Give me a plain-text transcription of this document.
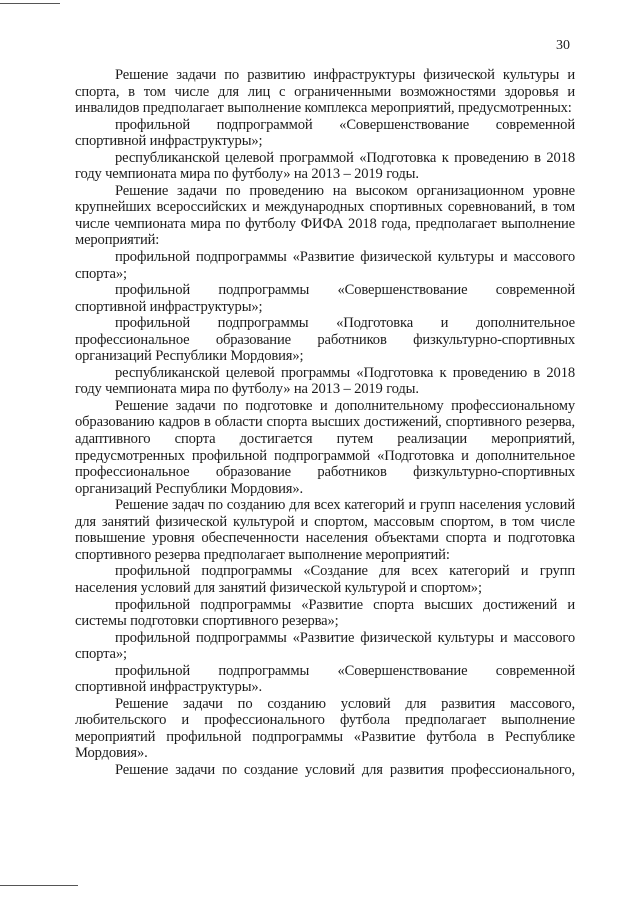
30

Решение задачи по развитию инфраструктуры физической культуры и спорта, в том числе для лиц с ограниченными возможностями здоровья и инвалидов предполагает выполнение комплекса мероприятий, предусмотренных:

профильной подпрограммой «Совершенствование современной спортивной инфраструктуры»;

республиканской целевой программой «Подготовка к проведению в 2018 году чемпионата мира по футболу» на 2013 – 2019 годы.

Решение задачи по проведению на высоком организационном уровне крупнейших всероссийских и международных спортивных соревнований, в том числе чемпионата мира по футболу ФИФА 2018 года, предполагает выполнение мероприятий:

профильной подпрограммы «Развитие физической культуры и массового спорта»;

профильной подпрограммы «Совершенствование современной спортивной инфраструктуры»;

профильной подпрограммы «Подготовка и дополнительное профессиональное образование работников физкультурно-спортивных организаций Республики Мордовия»;

республиканской целевой программы «Подготовка к проведению в 2018 году чемпионата мира по футболу» на 2013 – 2019 годы.

Решение задачи по подготовке и дополнительному профессиональному образованию кадров в области спорта высших достижений, спортивного резерва, адаптивного спорта достигается путем реализации мероприятий, предусмотренных профильной подпрограммой «Подготовка и дополнительное профессиональное образование работников физкультурно-спортивных организаций Республики Мордовия».

Решение задач по созданию для всех категорий и групп населения условий для занятий физической культурой и спортом, массовым спортом, в том числе повышение уровня обеспеченности населения объектами спорта и подготовка спортивного резерва предполагает выполнение мероприятий:

профильной подпрограммы «Создание для всех категорий и групп населения условий для занятий физической культурой и спортом»;

профильной подпрограммы «Развитие спорта высших достижений и системы подготовки спортивного резерва»;

профильной подпрограммы «Развитие физической культуры и массового спорта»;

профильной подпрограммы «Совершенствование современной спортивной инфраструктуры».

Решение задачи по созданию условий для развития массового, любительского и профессионального футбола предполагает выполнение мероприятий профильной подпрограммы «Развитие футбола в Республике Мордовия».

Решение задачи по создание условий для развития профессионального,
